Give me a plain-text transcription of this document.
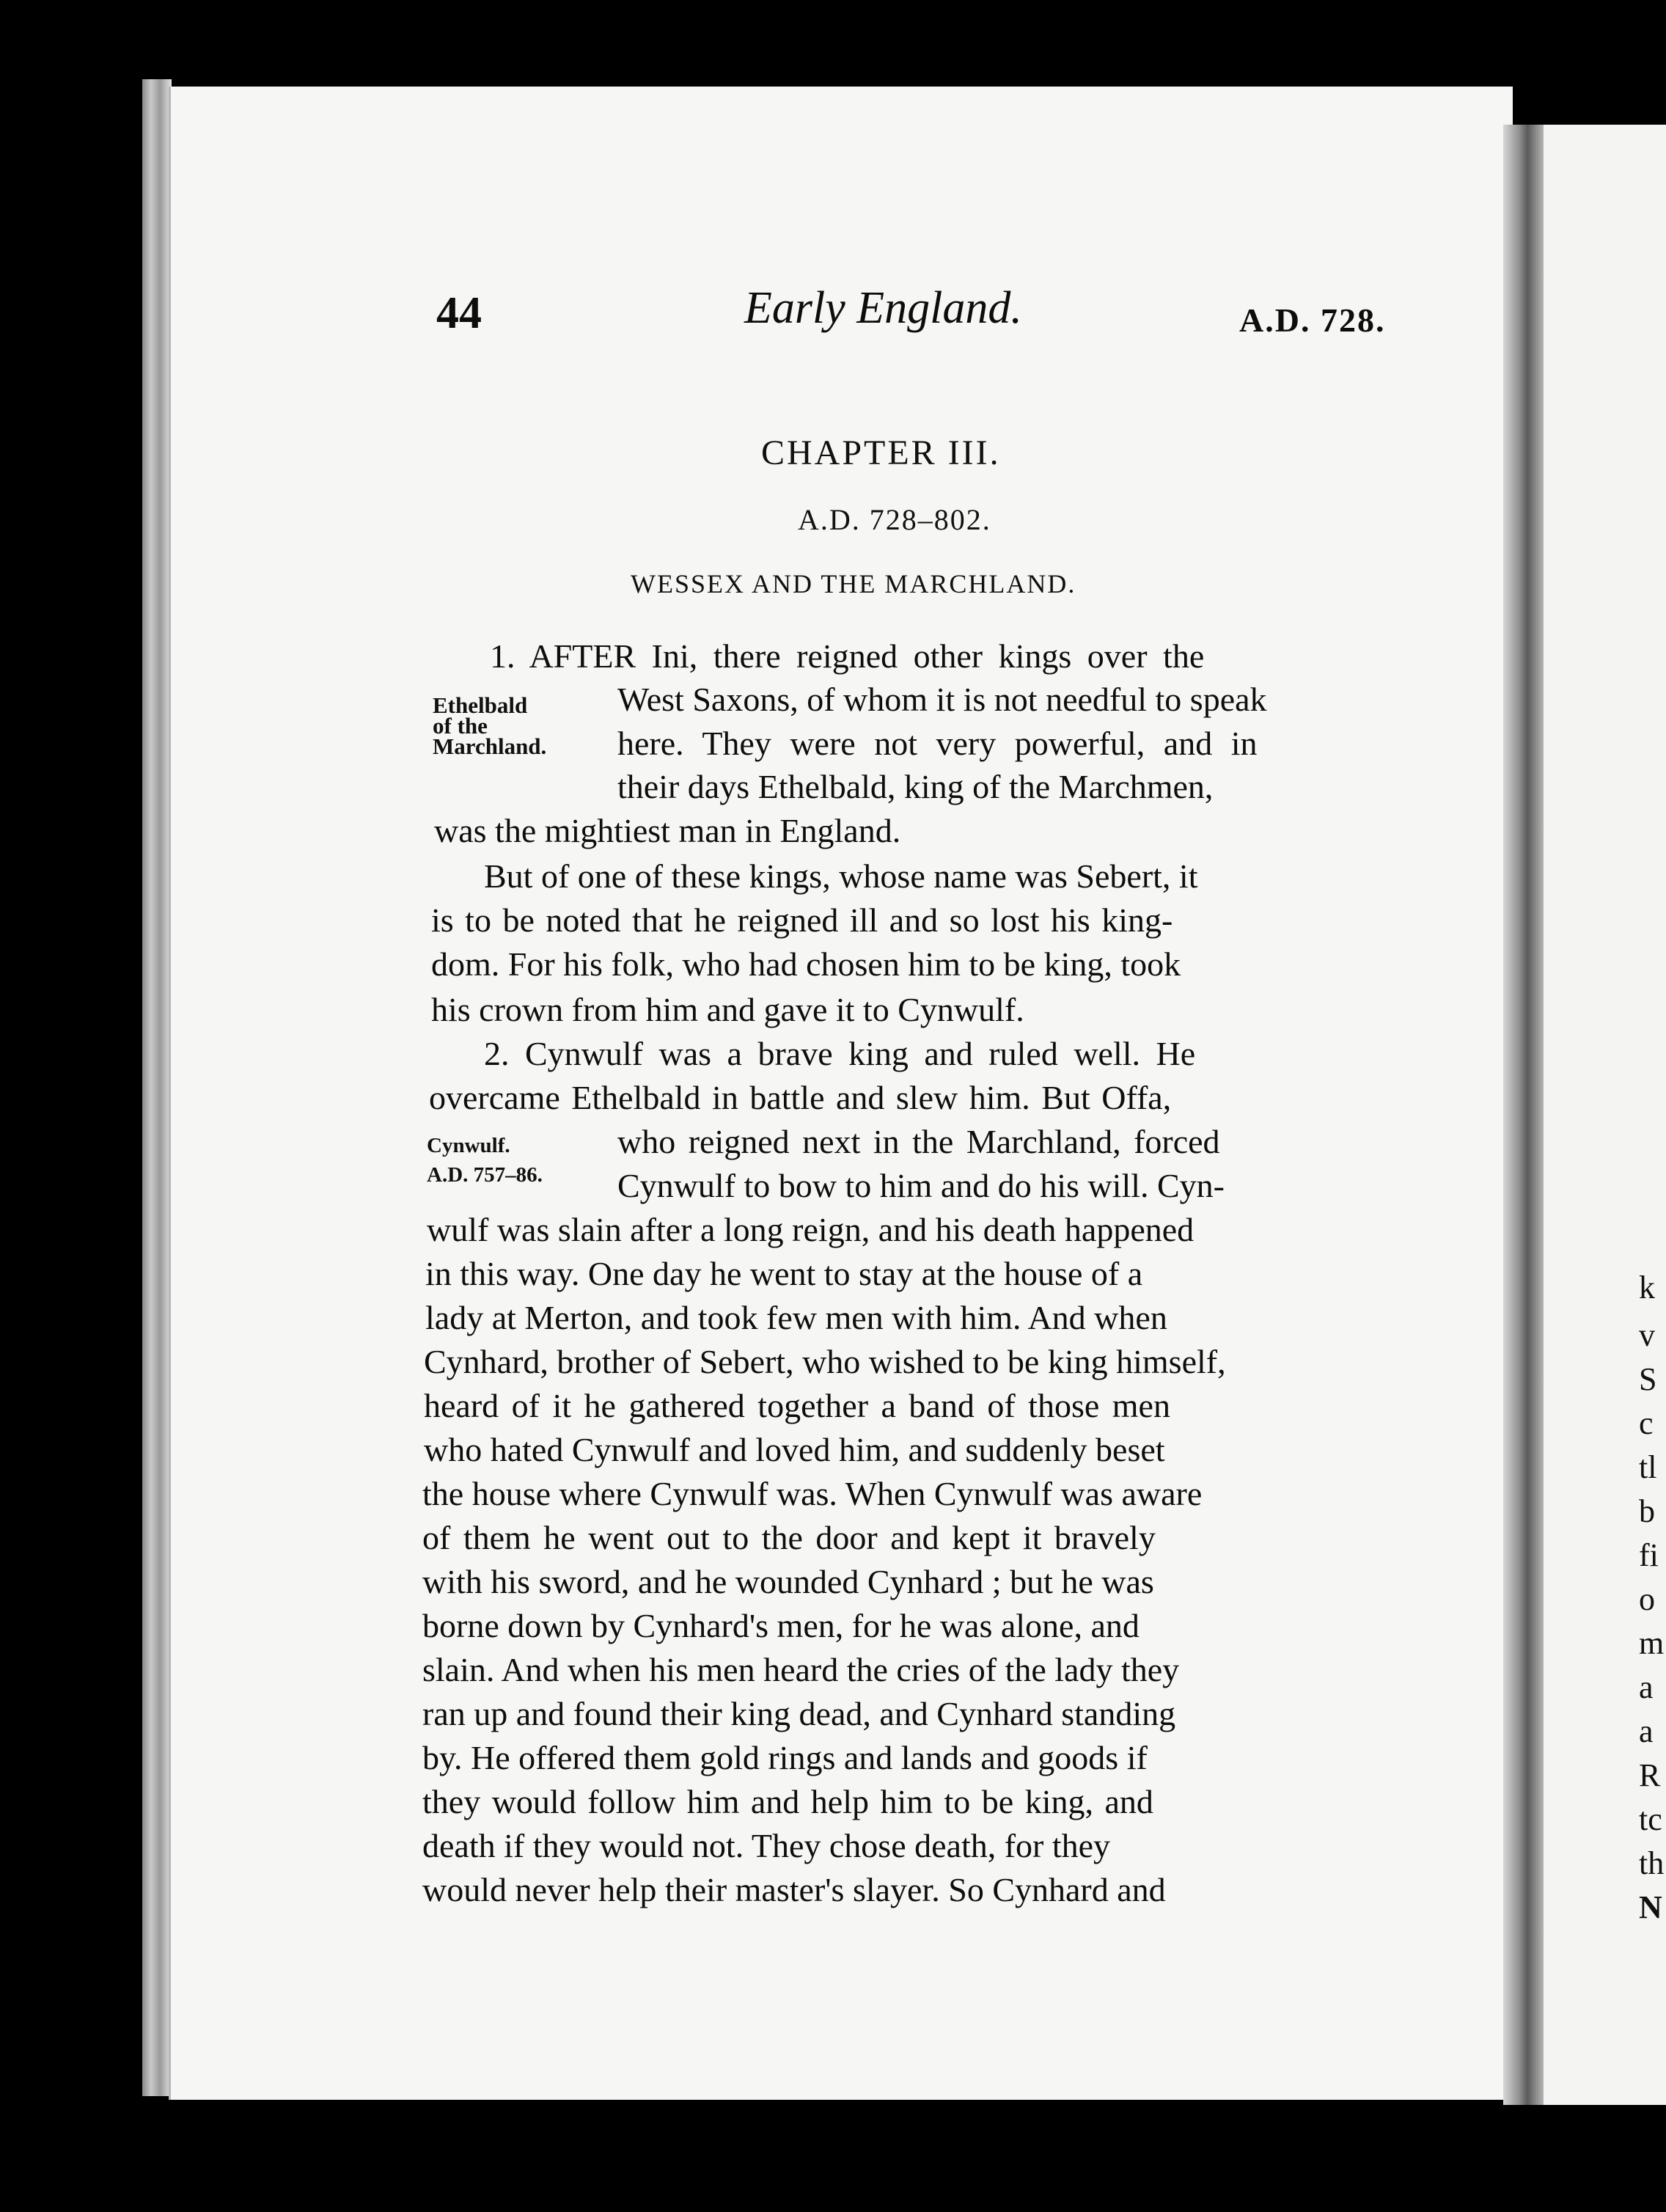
44	Early England.	A.D. 728.
CHAPTER III.
A.D. 728–802.
WESSEX AND THE MARCHLAND.
Ethelbald
of the
Marchland.
Cynwulf.
A.D. 757–86.
1. AFTER Ini, there reigned other kings over the
West Saxons, of whom it is not needful to speak
here. They were not very powerful, and in
their days Ethelbald, king of the Marchmen,
was the mightiest man in England.
But of one of these kings, whose name was Sebert, it
is to be noted that he reigned ill and so lost his king-
dom. For his folk, who had chosen him to be king, took
his crown from him and gave it to Cynwulf.
2. Cynwulf was a brave king and ruled well. He
overcame Ethelbald in battle and slew him. But Offa,
who reigned next in the Marchland, forced
Cynwulf to bow to him and do his will. Cyn-
wulf was slain after a long reign, and his death happened
in this way. One day he went to stay at the house of a
lady at Merton, and took few men with him. And when
Cynhard, brother of Sebert, who wished to be king himself,
heard of it he gathered together a band of those men
who hated Cynwulf and loved him, and suddenly beset
the house where Cynwulf was. When Cynwulf was aware
of them he went out to the door and kept it bravely
with his sword, and he wounded Cynhard ; but he was
borne down by Cynhard's men, for he was alone, and
slain. And when his men heard the cries of the lady they
ran up and found their king dead, and Cynhard standing
by. He offered them gold rings and lands and goods if
they would follow him and help him to be king, and
death if they would not. They chose death, for they
would never help their master's slayer. So Cynhard and
k
v
S
c
tl
b
fi
o
m
a
a
R
tc
th
N
